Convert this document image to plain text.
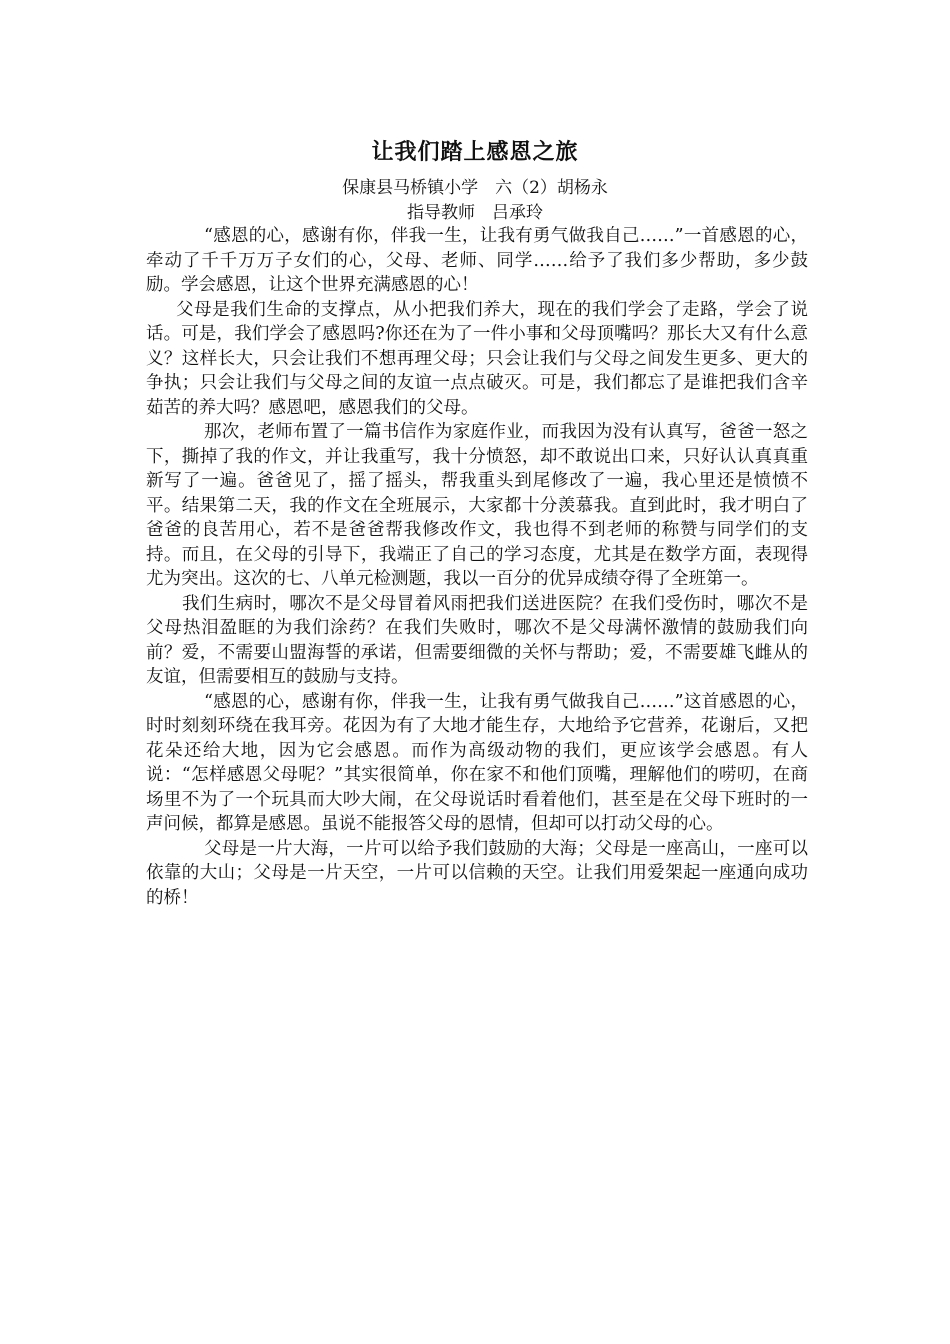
让我们踏上感恩之旅

保康县马桥镇小学　六（2）胡杨永

指导教师　吕承玲

“感恩的心，感谢有你，伴我一生，让我有勇气做我自己……”一首感恩的心，牵动了千千万万子女们的心，父母、老师、同学……给予了我们多少帮助，多少鼓励。学会感恩，让这个世界充满感恩的心！

父母是我们生命的支撑点，从小把我们养大，现在的我们学会了走路，学会了说话。可是，我们学会了感恩吗?你还在为了一件小事和父母顶嘴吗？那长大又有什么意义？这样长大，只会让我们不想再理父母；只会让我们与父母之间发生更多、更大的争执；只会让我们与父母之间的友谊一点点破灭。可是，我们都忘了是谁把我们含辛茹苦的养大吗？感恩吧，感恩我们的父母。

那次，老师布置了一篇书信作为家庭作业，而我因为没有认真写，爸爸一怒之下，撕掉了我的作文，并让我重写，我十分愤怒，却不敢说出口来，只好认认真真重新写了一遍。爸爸见了，摇了摇头，帮我重头到尾修改了一遍，我心里还是愤愤不平。结果第二天，我的作文在全班展示，大家都十分羡慕我。直到此时，我才明白了爸爸的良苦用心，若不是爸爸帮我修改作文，我也得不到老师的称赞与同学们的支持。而且，在父母的引导下，我端正了自己的学习态度，尤其是在数学方面，表现得尤为突出。这次的七、八单元检测题，我以一百分的优异成绩夺得了全班第一。

我们生病时，哪次不是父母冒着风雨把我们送进医院？在我们受伤时，哪次不是父母热泪盈眶的为我们涂药？在我们失败时，哪次不是父母满怀激情的鼓励我们向前？爱，不需要山盟海誓的承诺，但需要细微的关怀与帮助；爱，不需要雄飞雌从的友谊，但需要相互的鼓励与支持。

“感恩的心，感谢有你，伴我一生，让我有勇气做我自己……”这首感恩的心，时时刻刻环绕在我耳旁。花因为有了大地才能生存，大地给予它营养，花谢后，又把花朵还给大地，因为它会感恩。而作为高级动物的我们，更应该学会感恩。有人说：“怎样感恩父母呢？”其实很简单，你在家不和他们顶嘴，理解他们的唠叨，在商场里不为了一个玩具而大吵大闹，在父母说话时看着他们，甚至是在父母下班时的一声问候，都算是感恩。虽说不能报答父母的恩情，但却可以打动父母的心。

父母是一片大海，一片可以给予我们鼓励的大海；父母是一座高山，一座可以依靠的大山；父母是一片天空，一片可以信赖的天空。让我们用爱架起一座通向成功的桥！
